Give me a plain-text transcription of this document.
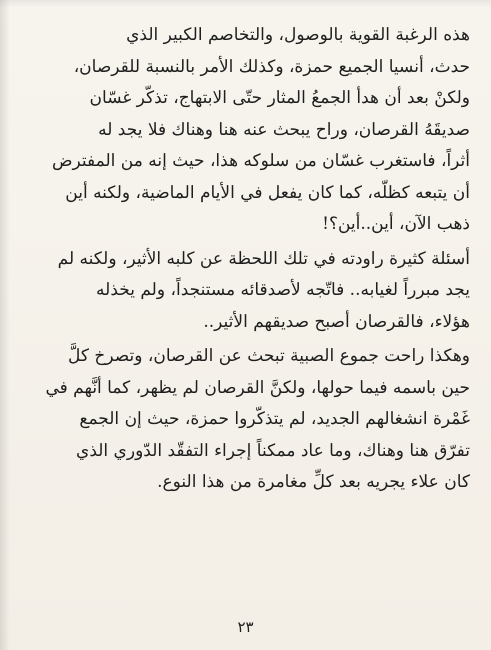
هذه الرغبة القوية بالوصول، والتخاصم الكبير الذي
حدث، أنسيا الجميع حمزة، وكذلك الأمر بالنسبة للقرصان،
ولكنْ بعد أن هدأ الجمعُ المثار حتّى الابتهاج، تذكّر غسّان
صديقَهُ القرصان، وراح يبحث عنه هنا وهناك فلا يجد له
أثراً، فاستغرب غسّان من سلوكه هذا، حيث إنه من المفترض
أن يتبعه كظلّه، كما كان يفعل في الأيام الماضية، ولكنه أين
ذهب الآن، أين..أين؟!
أسئلة كثيرة راودته في تلك اللحظة عن كلبه الأثير، ولكنه لم
يجد مبرراً لغيابه.. فاتّجه لأصدقائه مستنجداً، ولم يخذله
هؤلاء، فالقرصان أصبح صديقهم الأثير..
وهكذا راحت جموع الصبية تبحث عن القرصان، وتصرخ كلَّ
حين باسمه فيما حولها، ولكنَّ القرصان لم يظهر، كما أنَّهم في
غَمْرة انشغالهم الجديد، لم يتذكّروا حمزة، حيث إن الجمع
تفرّق هنا وهناك، وما عاد ممكناً إجراء التفقّد الدّوري الذي
كان علاء يجريه بعد كلِّ مغامرة من هذا النوع.
٢٣
